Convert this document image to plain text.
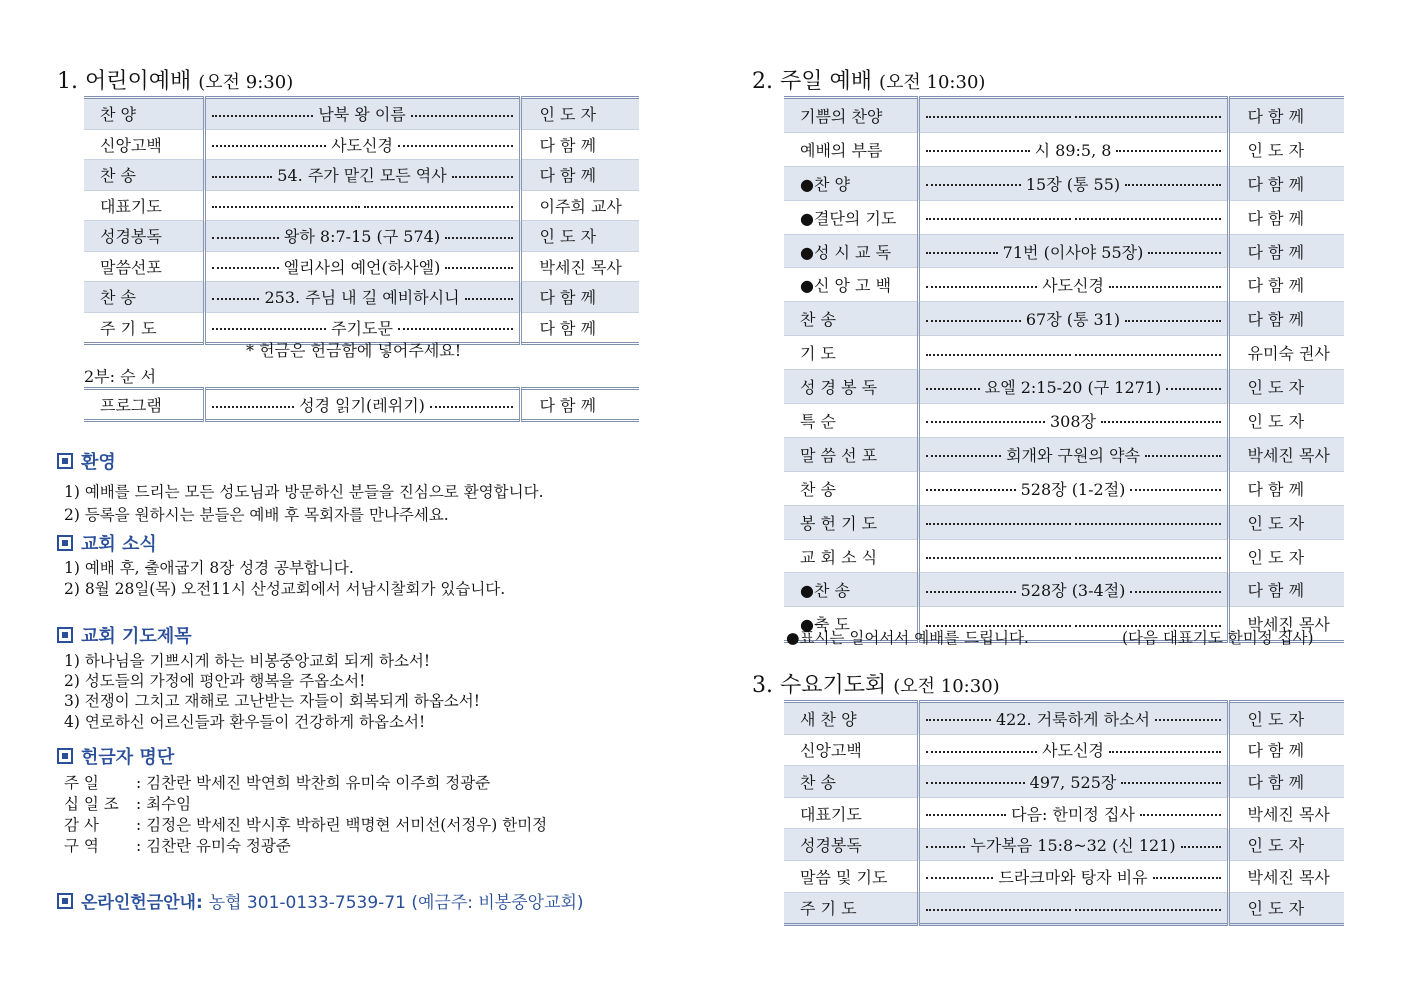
1. 어린이예배 (오전 9:30)
찬 양	남북 왕 이름	인 도 자
신앙고백	사도신경	다 함 께
찬 송	54. 주가 맡긴 모든 역사	다 함 께
대표기도		이주희 교사
성경봉독	왕하 8:7-15 (구 574)	인 도 자
말씀선포	엘리사의 예언(하사엘)	박세진 목사
찬 송	253. 주님 내 길 예비하시니	다 함 께
주 기 도	주기도문	다 함 께
* 헌금은 헌금함에 넣어주세요!
2부: 순 서
프로그램	성경 읽기(레위기)	다 함 께
환영
1) 예배를 드리는 모든 성도님과 방문하신 분들을 진심으로 환영합니다.
2) 등록을 원하시는 분들은 예배 후 목회자를 만나주세요.
교회 소식
1) 예배 후, 출애굽기 8장 성경 공부합니다.
2) 8월 28일(목) 오전11시 산성교회에서 서남시찰회가 있습니다.
교회 기도제목
1) 하나님을 기쁘시게 하는 비봉중앙교회 되게 하소서!
2) 성도들의 가정에 평안과 행복을 주옵소서!
3) 전쟁이 그치고 재해로 고난받는 자들이 회복되게 하옵소서!
4) 연로하신 어르신들과 환우들이 건강하게 하옵소서!
헌금자 명단
주 일 : 김찬란 박세진 박연희 박찬희 유미숙 이주희 정광준
십 일 조 : 최수임
감 사 : 김정은 박세진 박시후 박하린 백명현 서미선(서정우) 한미정
구 역 : 김찬란 유미숙 정광준
온라인헌금안내: 농협 301-0133-7539-71 (예금주: 비봉중앙교회)
2. 주일 예배 (오전 10:30)
기쁨의 찬양		다 함 께
예배의 부름	시 89:5, 8	인 도 자
●찬 양	15장 (통 55)	다 함 께
●결단의 기도		다 함 께
●성 시 교 독	71번 (이사야 55장)	다 함 께
●신 앙 고 백	사도신경	다 함 께
찬 송	67장 (통 31)	다 함 께
기 도		유미숙 권사
성 경 봉 독	요엘 2:15-20 (구 1271)	인 도 자
특 순	308장	인 도 자
말 씀 선 포	회개와 구원의 약속	박세진 목사
찬 송	528장 (1-2절)	다 함 께
봉 헌 기 도		인 도 자
교 회 소 식		인 도 자
●찬 송	528장 (3-4절)	다 함 께
●축 도		박세진 목사
●표시는 일어서서 예배를 드립니다.	(다음 대표기도 한미정 집사)
3. 수요기도회 (오전 10:30)
새 찬 양	422. 거룩하게 하소서	인 도 자
신앙고백	사도신경	다 함 께
찬 송	497, 525장	다 함 께
대표기도	다음: 한미정 집사	박세진 목사
성경봉독	누가복음 15:8~32 (신 121)	인 도 자
말씀 및 기도	드라크마와 탕자 비유	박세진 목사
주 기 도		인 도 자
